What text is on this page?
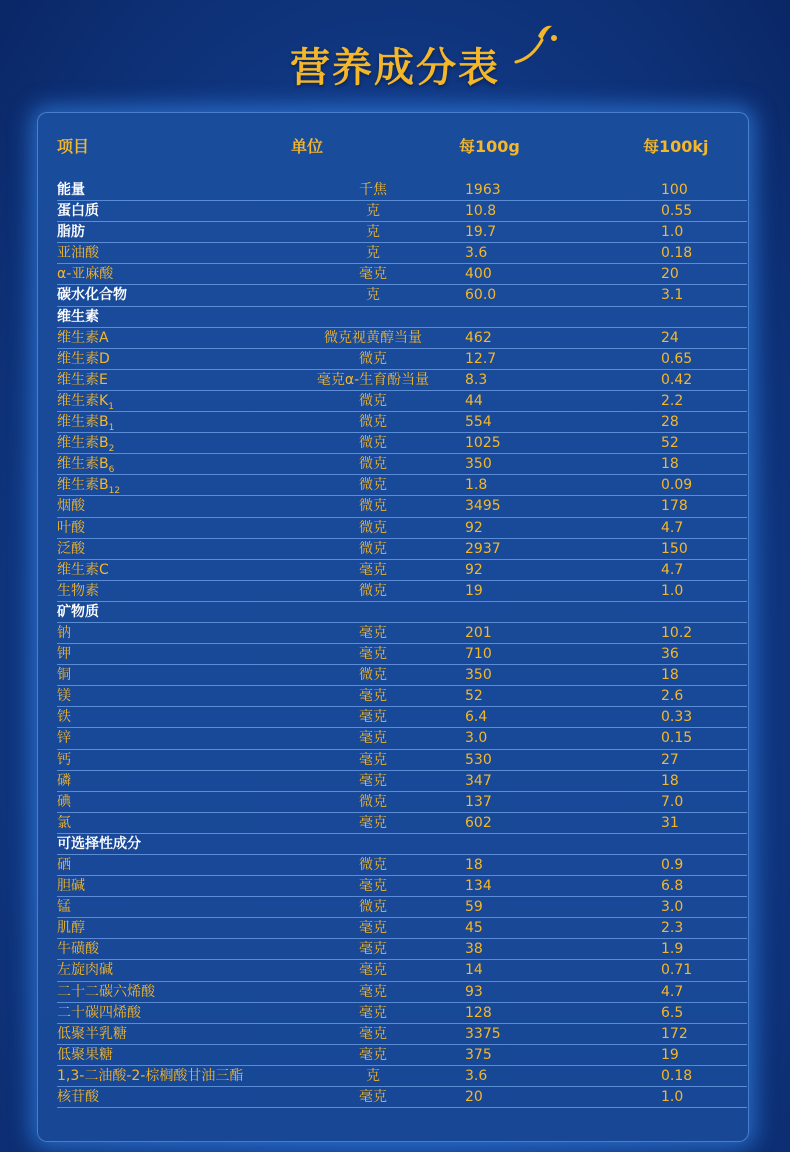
营养成分表
项目	单位	每100g	每100kj
能量	千焦	1963	100
蛋白质	克	10.8	0.55
脂肪	克	19.7	1.0
亚油酸	克	3.6	0.18
α-亚麻酸	毫克	400	20
碳水化合物	克	60.0	3.1
维生素
维生素A	微克视黄醇当量	462	24
维生素D	微克	12.7	0.65
维生素E	毫克α-生育酚当量	8.3	0.42
维生素$K_1$	微克	44	2.2
维生素$B_1$	微克	554	28
维生素$B_2$	微克	1025	52
维生素$B_6$	微克	350	18
维生素$B_{12}$	微克	1.8	0.09
烟酸	微克	3495	178
叶酸	微克	92	4.7
泛酸	微克	2937	150
维生素C	毫克	92	4.7
生物素	微克	19	1.0
矿物质
钠	毫克	201	10.2
钾	毫克	710	36
铜	微克	350	18
镁	毫克	52	2.6
铁	毫克	6.4	0.33
锌	毫克	3.0	0.15
钙	毫克	530	27
磷	毫克	347	18
碘	微克	137	7.0
氯	毫克	602	31
可选择性成分
硒	微克	18	0.9
胆碱	毫克	134	6.8
锰	微克	59	3.0
肌醇	毫克	45	2.3
牛磺酸	毫克	38	1.9
左旋肉碱	毫克	14	0.71
二十二碳六烯酸	毫克	93	4.7
二十碳四烯酸	毫克	128	6.5
低聚半乳糖	毫克	3375	172
低聚果糖	毫克	375	19
1,3-二油酸-2-棕榈酸甘油三酯	克	3.6	0.18
核苷酸	毫克	20	1.0
